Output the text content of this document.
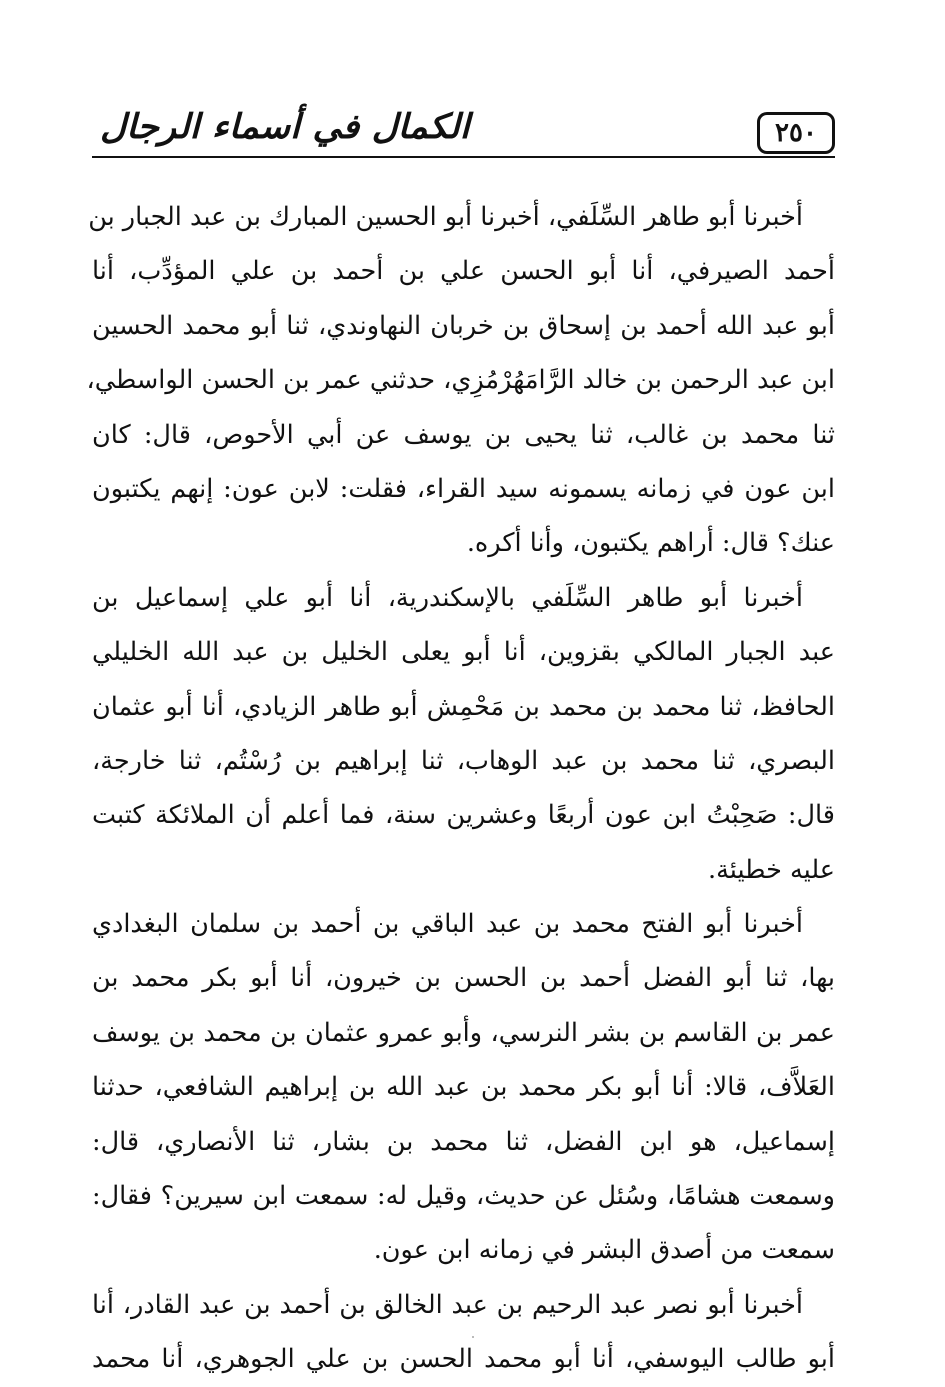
٢٥٠
الكمال في أسماء الرجال
أخبرنا أبو طاهر السِّلَفي، أخبرنا أبو الحسين المبارك بن عبد الجبار بن
أحمد الصيرفي، أنا أبو الحسن علي بن أحمد بن علي المؤدِّب، أنا
أبو عبد الله أحمد بن إسحاق بن خربان النهاوندي، ثنا أبو محمد الحسين
ابن عبد الرحمن بن خالد الرَّامَهُرْمُزِي، حدثني عمر بن الحسن الواسطي،
ثنا محمد بن غالب، ثنا يحيى بن يوسف عن أبي الأحوص، قال: كان
ابن عون في زمانه يسمونه سيد القراء، فقلت: لابن عون: إنهم يكتبون
عنك؟ قال: أراهم يكتبون، وأنا أكره.
أخبرنا أبو طاهر السِّلَفي بالإسكندرية، أنا أبو علي إسماعيل بن
عبد الجبار المالكي بقزوين، أنا أبو يعلى الخليل بن عبد الله الخليلي
الحافظ، ثنا محمد بن محمد بن مَحْمِش أبو طاهر الزيادي، أنا أبو عثمان
البصري، ثنا محمد بن عبد الوهاب، ثنا إبراهيم بن رُسْتُم، ثنا خارجة،
قال: صَحِبْتُ ابن عون أربعًا وعشرين سنة، فما أعلم أن الملائكة كتبت
عليه خطيئة.
أخبرنا أبو الفتح محمد بن عبد الباقي بن أحمد بن سلمان البغدادي
بها، ثنا أبو الفضل أحمد بن الحسن بن خيرون، أنا أبو بكر محمد بن
عمر بن القاسم بن بشر النرسي، وأبو عمرو عثمان بن محمد بن يوسف
العَلاَّف، قالا: أنا أبو بكر محمد بن عبد الله بن إبراهيم الشافعي، حدثنا
إسماعيل، هو ابن الفضل، ثنا محمد بن بشار، ثنا الأنصاري، قال:
وسمعت هشامًا، وسُئل عن حديث، وقيل له: سمعت ابن سيرين؟ فقال:
سمعت من أصدق البشر في زمانه ابن عون.
أخبرنا أبو نصر عبد الرحيم بن عبد الخالق بن أحمد بن عبد القادر، أنا
أبو طالب اليوسفي، أنا أبو محمد الحسن بن علي الجوهري، أنا محمد
